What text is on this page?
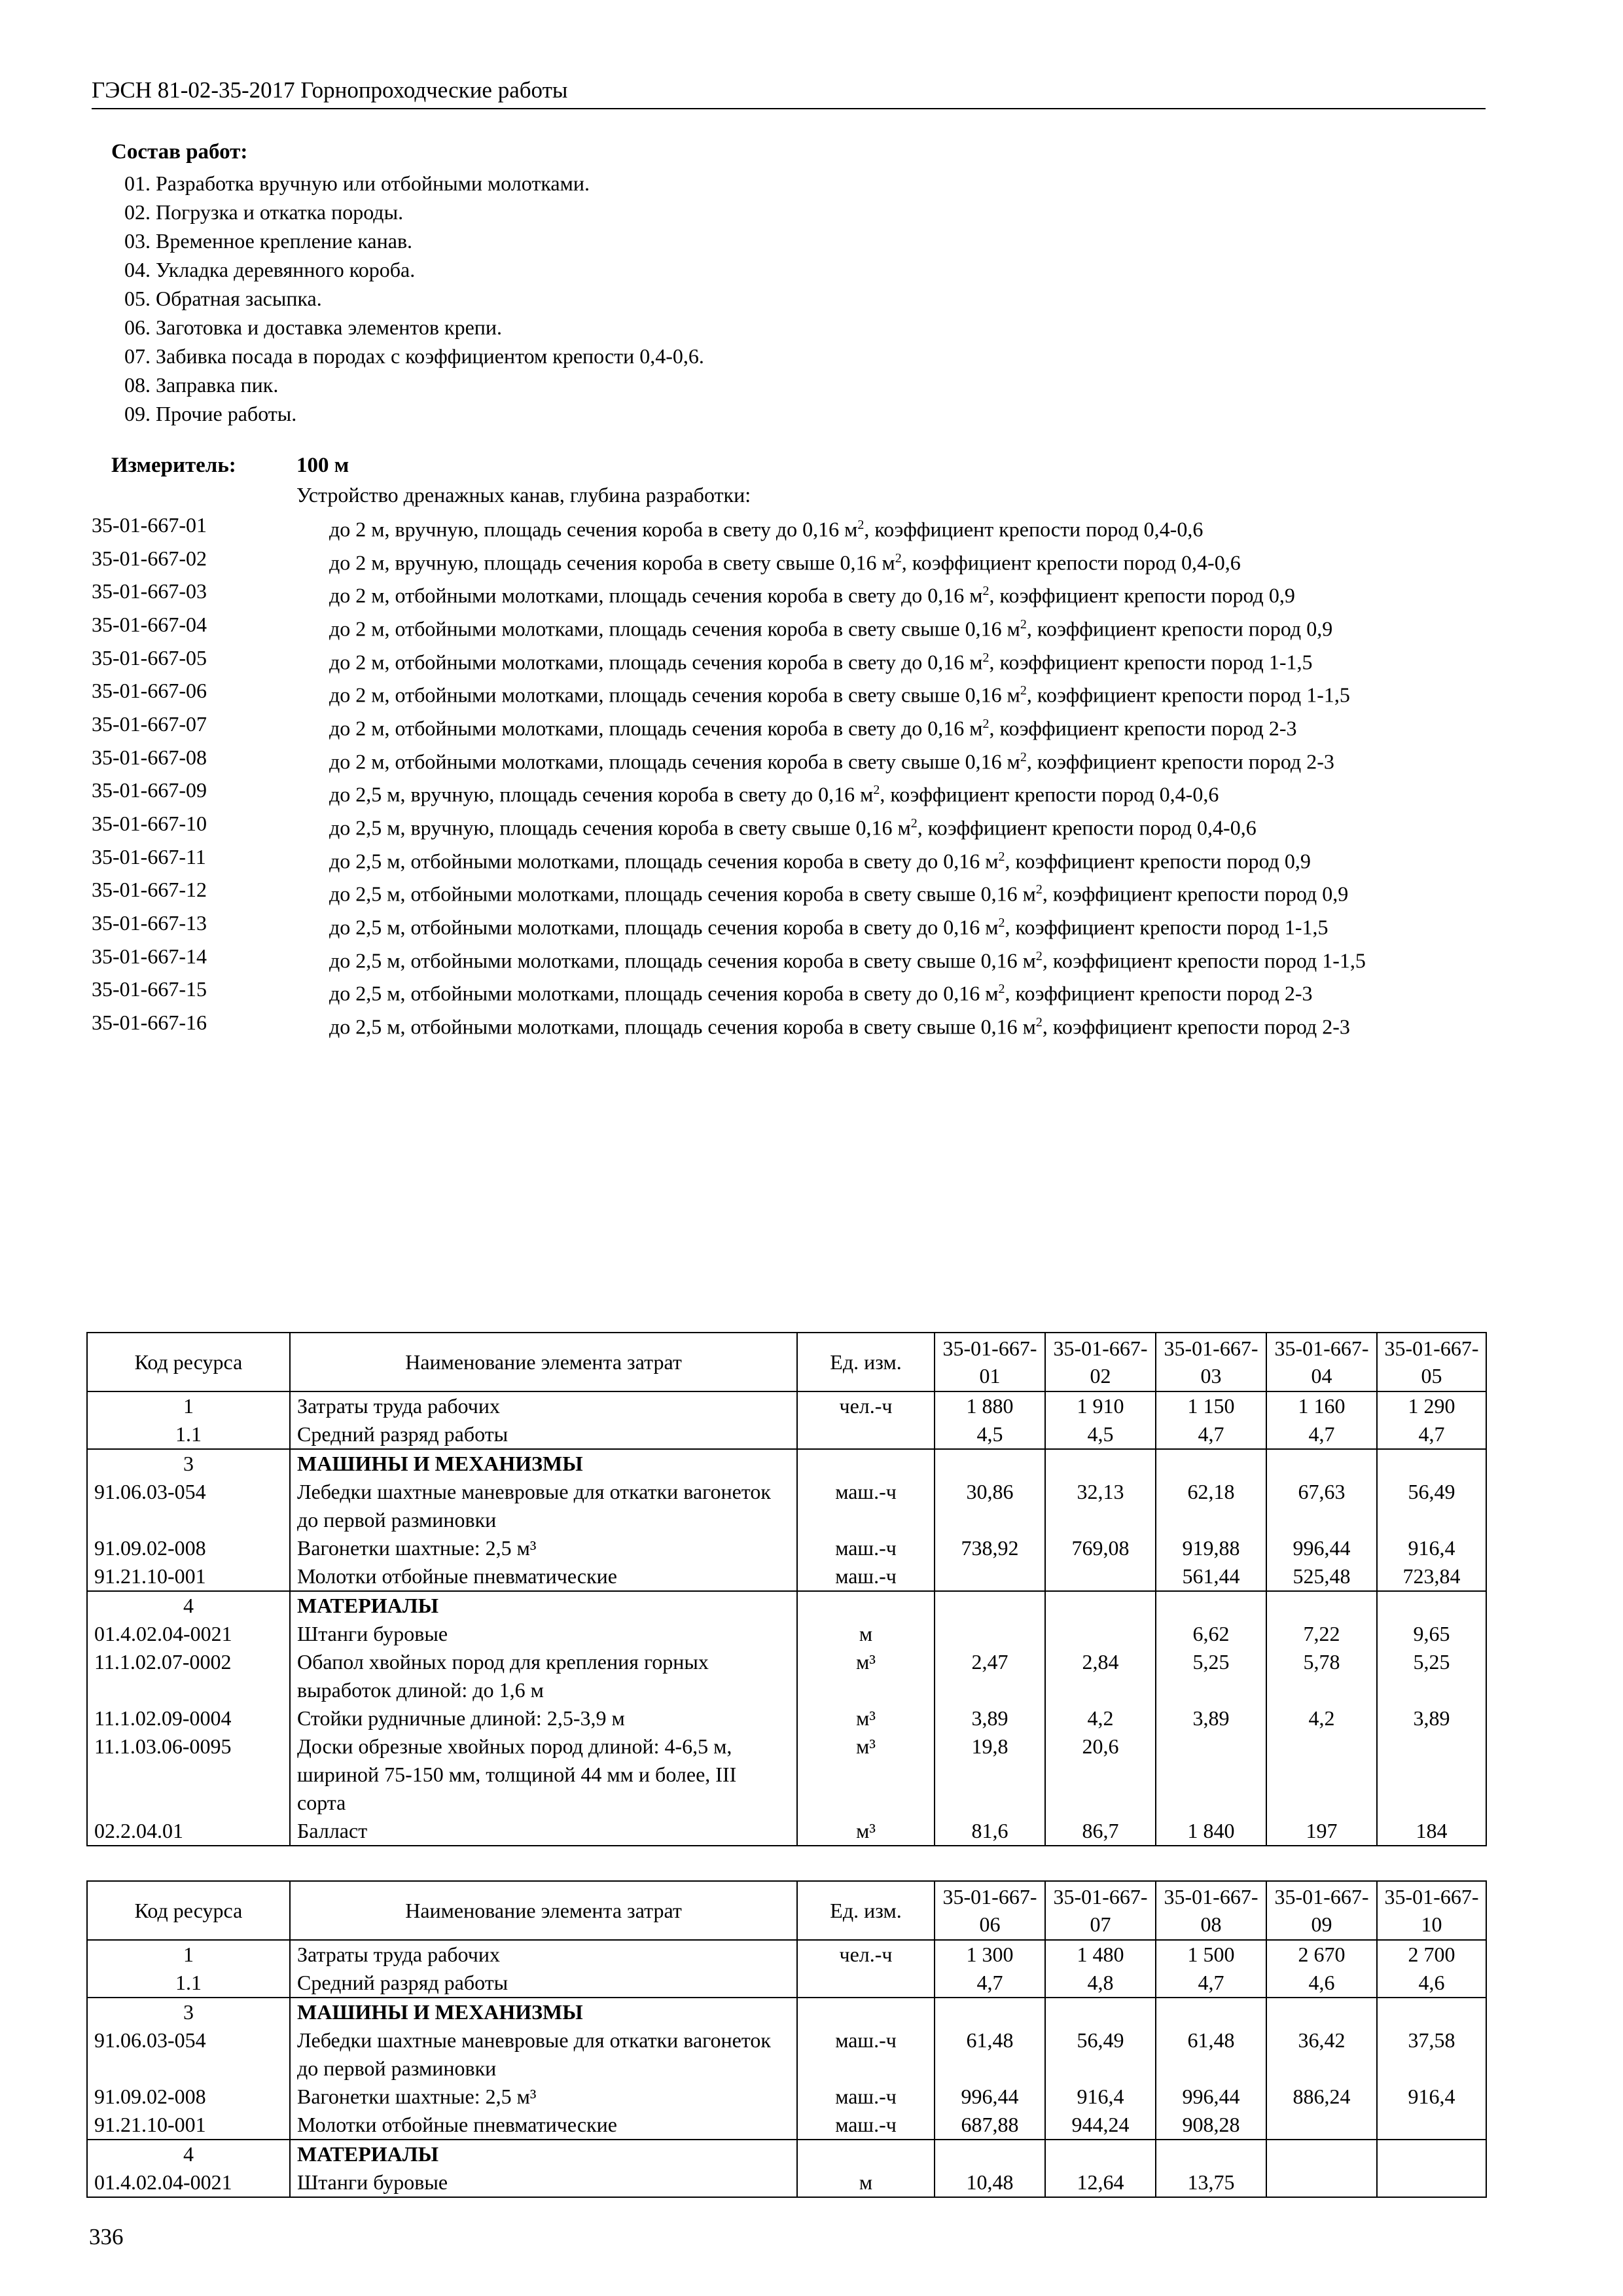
ГЭСН 81-02-35-2017 Горнопроходческие работы
Состав работ:
01. Разработка вручную или отбойными молотками.
02. Погрузка и откатка породы.
03. Временное крепление канав.
04. Укладка деревянного короба.
05. Обратная засыпка.
06. Заготовка и доставка элементов крепи.
07. Забивка посада в породах с коэффициентом крепости 0,4-0,6.
08. Заправка пик.
09. Прочие работы.
Измеритель:	100 м
Устройство дренажных канав, глубина разработки:
35-01-667-01	до 2 м, вручную, площадь сечения короба в свету до 0,16 $м^2$, коэффициент крепости пород 0,4-0,6
35-01-667-02	до 2 м, вручную, площадь сечения короба в свету свыше 0,16 $м^2$, коэффициент крепости пород 0,4-0,6
35-01-667-03	до 2 м, отбойными молотками, площадь сечения короба в свету до 0,16 $м^2$, коэффициент крепости пород 0,9
35-01-667-04	до 2 м, отбойными молотками, площадь сечения короба в свету свыше 0,16 $м^2$, коэффициент крепости пород 0,9
35-01-667-05	до 2 м, отбойными молотками, площадь сечения короба в свету до 0,16 $м^2$, коэффициент крепости пород 1-1,5
35-01-667-06	до 2 м, отбойными молотками, площадь сечения короба в свету свыше 0,16 $м^2$, коэффициент крепости пород 1-1,5
35-01-667-07	до 2 м, отбойными молотками, площадь сечения короба в свету до 0,16 $м^2$, коэффициент крепости пород 2-3
35-01-667-08	до 2 м, отбойными молотками, площадь сечения короба в свету свыше 0,16 $м^2$, коэффициент крепости пород 2-3
35-01-667-09	до 2,5 м, вручную, площадь сечения короба в свету до 0,16 $м^2$, коэффициент крепости пород 0,4-0,6
35-01-667-10	до 2,5 м, вручную, площадь сечения короба в свету свыше 0,16 $м^2$, коэффициент крепости пород 0,4-0,6
35-01-667-11	до 2,5 м, отбойными молотками, площадь сечения короба в свету до 0,16 $м^2$, коэффициент крепости пород 0,9
35-01-667-12	до 2,5 м, отбойными молотками, площадь сечения короба в свету свыше 0,16 $м^2$, коэффициент крепости пород 0,9
35-01-667-13	до 2,5 м, отбойными молотками, площадь сечения короба в свету до 0,16 $м^2$, коэффициент крепости пород 1-1,5
35-01-667-14	до 2,5 м, отбойными молотками, площадь сечения короба в свету свыше 0,16 $м^2$, коэффициент крепости пород 1-1,5
35-01-667-15	до 2,5 м, отбойными молотками, площадь сечения короба в свету до 0,16 $м^2$, коэффициент крепости пород 2-3
35-01-667-16	до 2,5 м, отбойными молотками, площадь сечения короба в свету свыше 0,16 $м^2$, коэффициент крепости пород 2-3
Код ресурса	Наименование элемента затрат	Ед. изм.	35-01-667-01	35-01-667-02	35-01-667-03	35-01-667-04	35-01-667-05
1	Затраты труда рабочих	чел.-ч	1 880	1 910	1 150	1 160	1 290
1.1	Средний разряд работы		4,5	4,5	4,7	4,7	4,7
3	МАШИНЫ И МЕХАНИЗМЫ						
91.06.03-054	Лебедки шахтные маневровые для откатки вагонеток до первой разминовки	маш.-ч	30,86	32,13	62,18	67,63	56,49
91.09.02-008	Вагонетки шахтные: 2,5 м³	маш.-ч	738,92	769,08	919,88	996,44	916,4
91.21.10-001	Молотки отбойные пневматические	маш.-ч			561,44	525,48	723,84
4	МАТЕРИАЛЫ						
01.4.02.04-0021	Штанги буровые	м			6,62	7,22	9,65
11.1.02.07-0002	Обапол хвойных пород для крепления горных выработок длиной: до 1,6 м	м³	2,47	2,84	5,25	5,78	5,25
11.1.02.09-0004	Стойки рудничные длиной: 2,5-3,9 м	м³	3,89	4,2	3,89	4,2	3,89
11.1.03.06-0095	Доски обрезные хвойных пород длиной: 4-6,5 м, шириной 75-150 мм, толщиной 44 мм и более, III сорта	м³	19,8	20,6			
02.2.04.01	Балласт	м³	81,6	86,7	1 840	197	184
Код ресурса	Наименование элемента затрат	Ед. изм.	35-01-667-06	35-01-667-07	35-01-667-08	35-01-667-09	35-01-667-10
1	Затраты труда рабочих	чел.-ч	1 300	1 480	1 500	2 670	2 700
1.1	Средний разряд работы		4,7	4,8	4,7	4,6	4,6
3	МАШИНЫ И МЕХАНИЗМЫ						
91.06.03-054	Лебедки шахтные маневровые для откатки вагонеток до первой разминовки	маш.-ч	61,48	56,49	61,48	36,42	37,58
91.09.02-008	Вагонетки шахтные: 2,5 м³	маш.-ч	996,44	916,4	996,44	886,24	916,4
91.21.10-001	Молотки отбойные пневматические	маш.-ч	687,88	944,24	908,28		
4	МАТЕРИАЛЫ						
01.4.02.04-0021	Штанги буровые	м	10,48	12,64	13,75		
336
